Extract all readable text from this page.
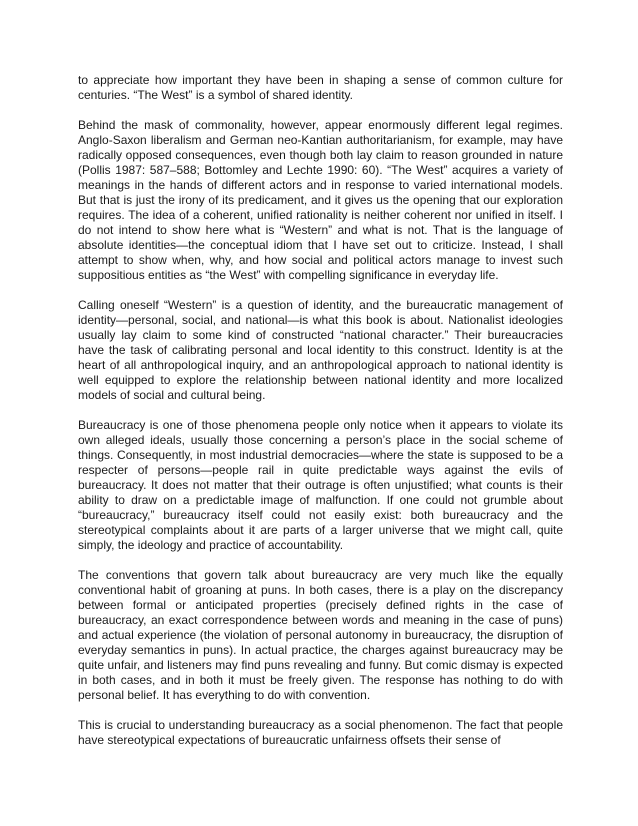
to appreciate how important they have been in shaping a sense of common culture for centuries. “The West” is a symbol of shared identity.

Behind the mask of commonality, however, appear enormously different legal regimes. Anglo-Saxon liberalism and German neo-Kantian authoritarianism, for example, may have radically opposed consequences, even though both lay claim to reason grounded in nature (Pollis 1987: 587–588; Bottomley and Lechte 1990: 60). “The West” acquires a variety of meanings in the hands of different actors and in response to varied international models. But that is just the irony of its predicament, and it gives us the opening that our exploration requires. The idea of a coherent, unified rationality is neither coherent nor unified in itself. I do not intend to show here what is “Western” and what is not. That is the language of absolute identities—the conceptual idiom that I have set out to criticize. Instead, I shall attempt to show when, why, and how social and political actors manage to invest such suppositious entities as “the West” with compelling significance in everyday life.

Calling oneself “Western” is a question of identity, and the bureaucratic management of identity—personal, social, and national—is what this book is about. Nationalist ideologies usually lay claim to some kind of constructed “national character.” Their bureaucracies have the task of calibrating personal and local identity to this construct. Identity is at the heart of all anthropological inquiry, and an anthropological approach to national identity is well equipped to explore the relationship between national identity and more localized models of social and cultural being.

Bureaucracy is one of those phenomena people only notice when it appears to violate its own alleged ideals, usually those concerning a person’s place in the social scheme of things. Consequently, in most industrial democracies—where the state is supposed to be a respecter of persons—people rail in quite predictable ways against the evils of bureaucracy. It does not matter that their outrage is often unjustified; what counts is their ability to draw on a predictable image of malfunction. If one could not grumble about “bureaucracy,” bureaucracy itself could not easily exist: both bureaucracy and the stereotypical complaints about it are parts of a larger universe that we might call, quite simply, the ideology and practice of accountability.

The conventions that govern talk about bureaucracy are very much like the equally conventional habit of groaning at puns. In both cases, there is a play on the discrepancy between formal or anticipated properties (precisely defined rights in the case of bureaucracy, an exact correspondence between words and meaning in the case of puns) and actual experience (the violation of personal autonomy in bureaucracy, the disruption of everyday semantics in puns). In actual practice, the charges against bureaucracy may be quite unfair, and listeners may find puns revealing and funny. But comic dismay is expected in both cases, and in both it must be freely given. The response has nothing to do with personal belief. It has everything to do with convention.

This is crucial to understanding bureaucracy as a social phenomenon. The fact that people have stereotypical expectations of bureaucratic unfairness offsets their sense of
